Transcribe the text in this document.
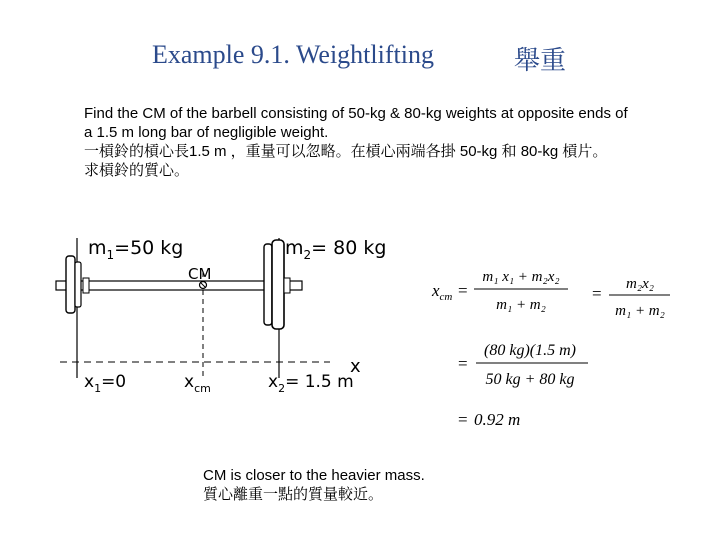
Example 9.1. Weightlifting	舉重
Find the CM of the barbell consisting of 50-kg & 80-kg weights at opposite ends of
a 1.5 m long bar of negligible weight.
一槓鈴的槓心長1.5 m ，重量可以忽略。在槓心兩端各掛 50-kg 和 80-kg 槓片。
求槓鈴的質心。
$m_1=50$ kg	$m_2= 80$ kg
CM
x
$x_1=0$	$x_{cm}$	$x_2= 1.5$ m
$x_{cm}$ =
m₁ x₁ + m₂x₂
m₁ + m₂
= m₂x₂
m₁ + m₂
=
(80 kg)(1.5 m)
50 kg + 80 kg
= 0.92 m
CM is closer to the heavier mass.
質心離重一點的質量較近。
